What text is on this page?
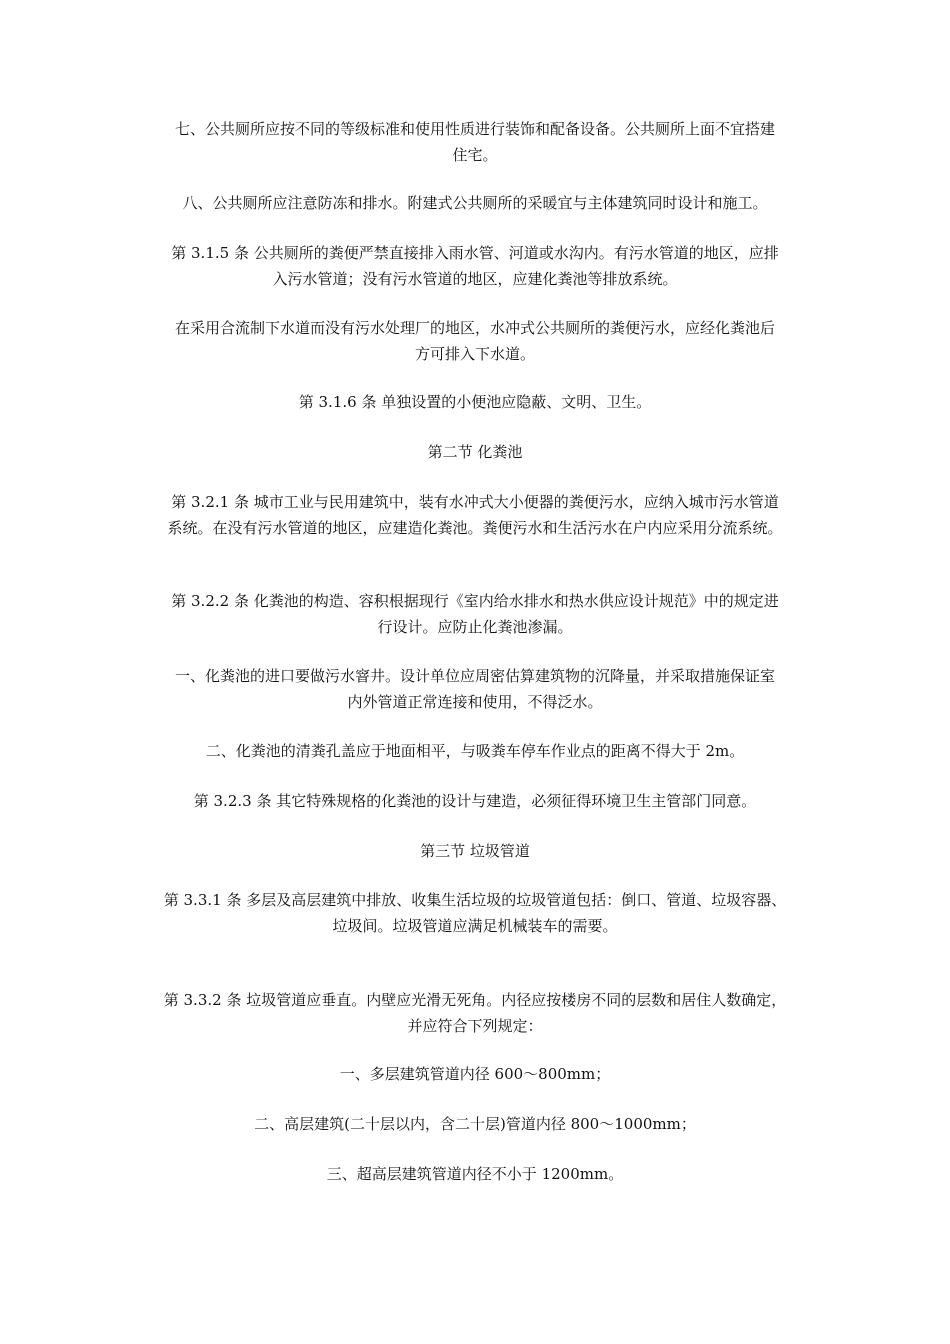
七、公共厕所应按不同的等级标准和使用性质进行装饰和配备设备。公共厕所上面不宜搭建
住宅。

八、公共厕所应注意防冻和排水。附建式公共厕所的采暖宜与主体建筑同时设计和施工。

第 3.1.5 条 公共厕所的粪便严禁直接排入雨水管、河道或水沟内。有污水管道的地区，应排
入污水管道；没有污水管道的地区，应建化粪池等排放系统。

在采用合流制下水道而没有污水处理厂的地区，水冲式公共厕所的粪便污水，应经化粪池后
方可排入下水道。

第 3.1.6 条 单独设置的小便池应隐蔽、文明、卫生。

第二节 化粪池

第 3.2.1 条 城市工业与民用建筑中，装有水冲式大小便器的粪便污水，应纳入城市污水管道
系统。在没有污水管道的地区，应建造化粪池。粪便污水和生活污水在户内应采用分流系统。

第 3.2.2 条 化粪池的构造、容积根据现行《室内给水排水和热水供应设计规范》中的规定进
行设计。应防止化粪池渗漏。

一、化粪池的进口要做污水窨井。设计单位应周密估算建筑物的沉降量，并采取措施保证室
内外管道正常连接和使用，不得泛水。

二、化粪池的清粪孔盖应于地面相平，与吸粪车停车作业点的距离不得大于 2m。

第 3.2.3 条 其它特殊规格的化粪池的设计与建造，必须征得环境卫生主管部门同意。

第三节 垃圾管道

第 3.3.1 条 多层及高层建筑中排放、收集生活垃圾的垃圾管道包括：倒口、管道、垃圾容器、
垃圾间。垃圾管道应满足机械装车的需要。

第 3.3.2 条 垃圾管道应垂直。内壁应光滑无死角。内径应按楼房不同的层数和居住人数确定，
并应符合下列规定：

一、多层建筑管道内径 600～800mm；

二、高层建筑(二十层以内，含二十层)管道内径 800～1000mm；

三、超高层建筑管道内径不小于 1200mm。
